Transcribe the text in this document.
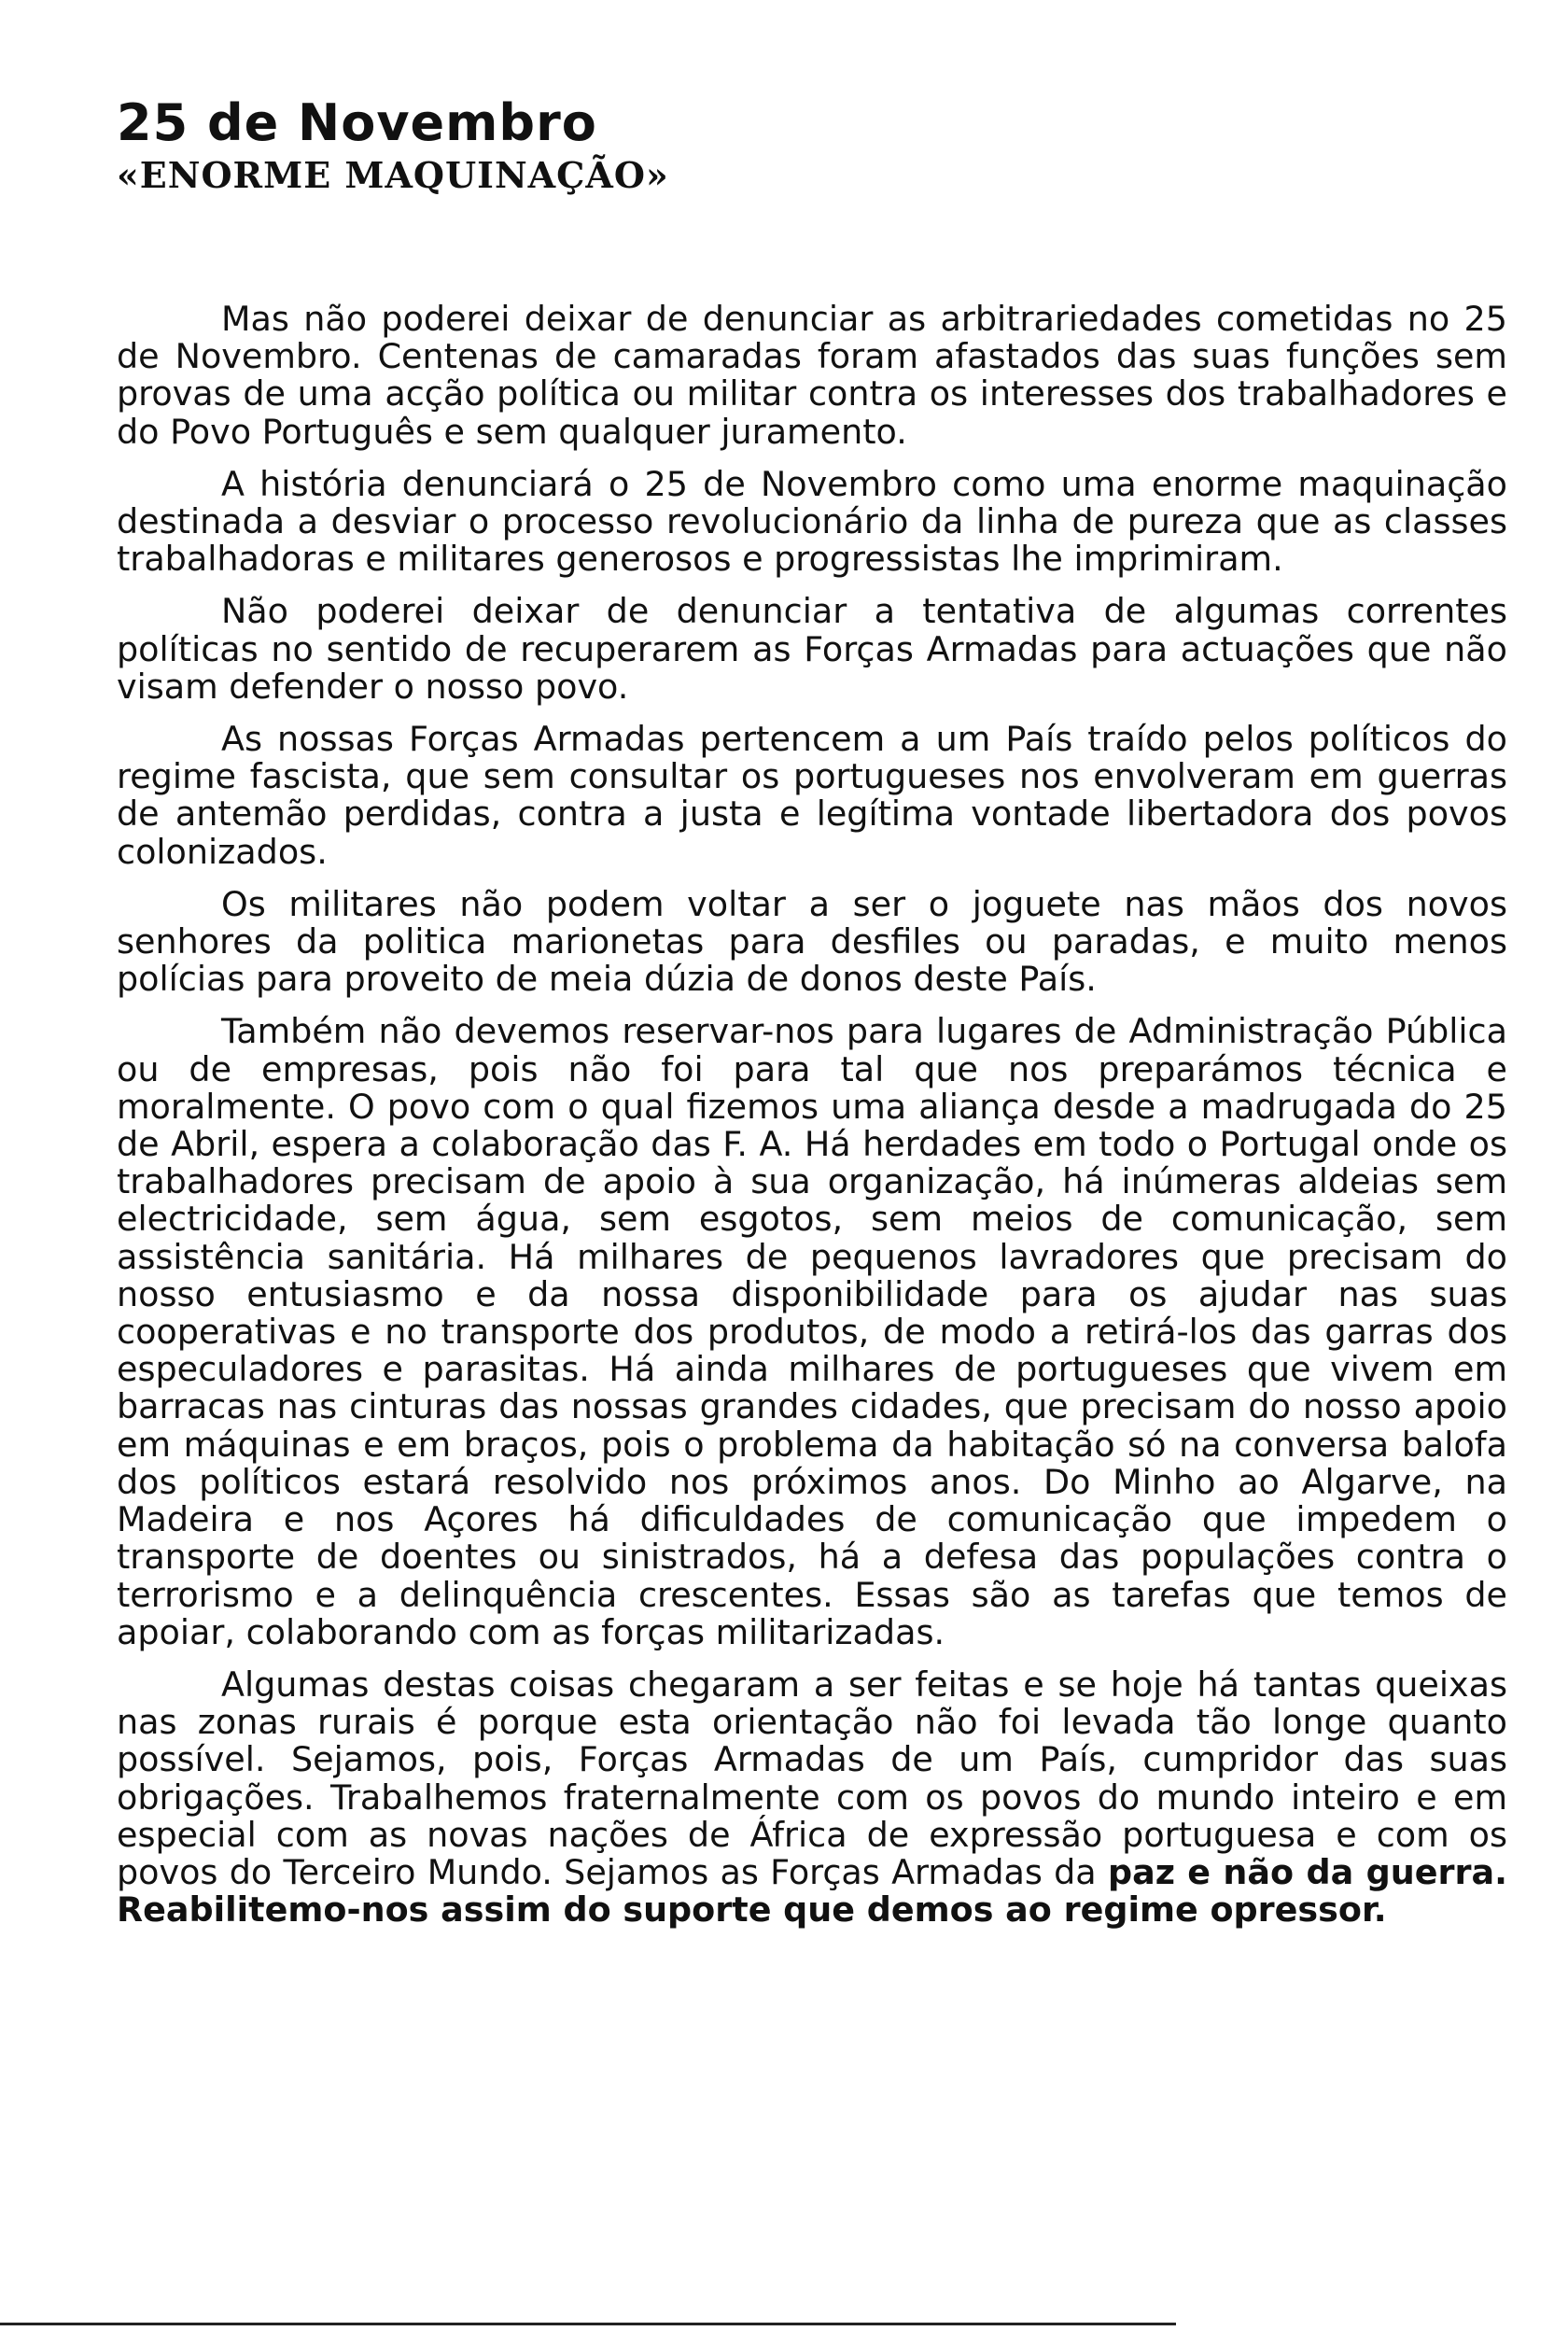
25 de Novembro
«ENORME MAQUINAÇÃO»

Mas não poderei deixar de denunciar as arbitrariedades cometidas no 25 de Novembro. Centenas de camaradas foram afastados das suas funções sem provas de uma acção política ou militar contra os interesses dos trabalhadores e do Povo Português e sem qualquer juramento.

A história denunciará o 25 de Novembro como uma enorme maquinação destinada a desviar o processo revolucionário da linha de pureza que as classes trabalhadoras e militares generosos e progressistas lhe imprimiram.

Não poderei deixar de denunciar a tentativa de algumas correntes políticas no sentido de recuperarem as Forças Armadas para actuações que não visam defender o nosso povo.

As nossas Forças Armadas pertencem a um País traído pelos políticos do regime fascista, que sem consultar os portugueses nos envolveram em guerras de antemão perdidas, contra a justa e legítima vontade libertadora dos povos colonizados.

Os militares não podem voltar a ser o joguete nas mãos dos novos senhores da politica marionetas para desfiles ou paradas, e muito menos polícias para proveito de meia dúzia de donos deste País.

Também não devemos reservar-nos para lugares de Administração Pública ou de empresas, pois não foi para tal que nos preparámos técnica e moralmente. O povo com o qual fizemos uma aliança desde a madrugada do 25 de Abril, espera a colaboração das F. A. Há herdades em todo o Portugal onde os trabalhadores precisam de apoio à sua organização, há inúmeras aldeias sem electricidade, sem água, sem esgotos, sem meios de comunicação, sem assistência sanitária. Há milhares de pequenos lavradores que precisam do nosso entusiasmo e da nossa disponibilidade para os ajudar nas suas cooperativas e no transporte dos produtos, de modo a retirá-los das garras dos especuladores e parasitas. Há ainda milhares de portugueses que vivem em barracas nas cinturas das nossas grandes cidades, que precisam do nosso apoio em máquinas e em braços, pois o problema da habitação só na conversa balofa dos políticos estará resolvido nos próximos anos. Do Minho ao Algarve, na Madeira e nos Açores há dificuldades de comunicação que impedem o transporte de doentes ou sinistrados, há a defesa das populações contra o terrorismo e a delinquência crescentes. Essas são as tarefas que temos de apoiar, colaborando com as forças militarizadas.

Algumas destas coisas chegaram a ser feitas e se hoje há tantas queixas nas zonas rurais é porque esta orientação não foi levada tão longe quanto possível. Sejamos, pois, Forças Armadas de um País, cumpridor das suas obrigações. Trabalhemos fraternalmente com os povos do mundo inteiro e em especial com as novas nações de África de expressão portuguesa e com os povos do Terceiro Mundo. Sejamos as Forças Armadas da paz e não da guerra. Reabilitemo-nos assim do suporte que demos ao regime opressor.
